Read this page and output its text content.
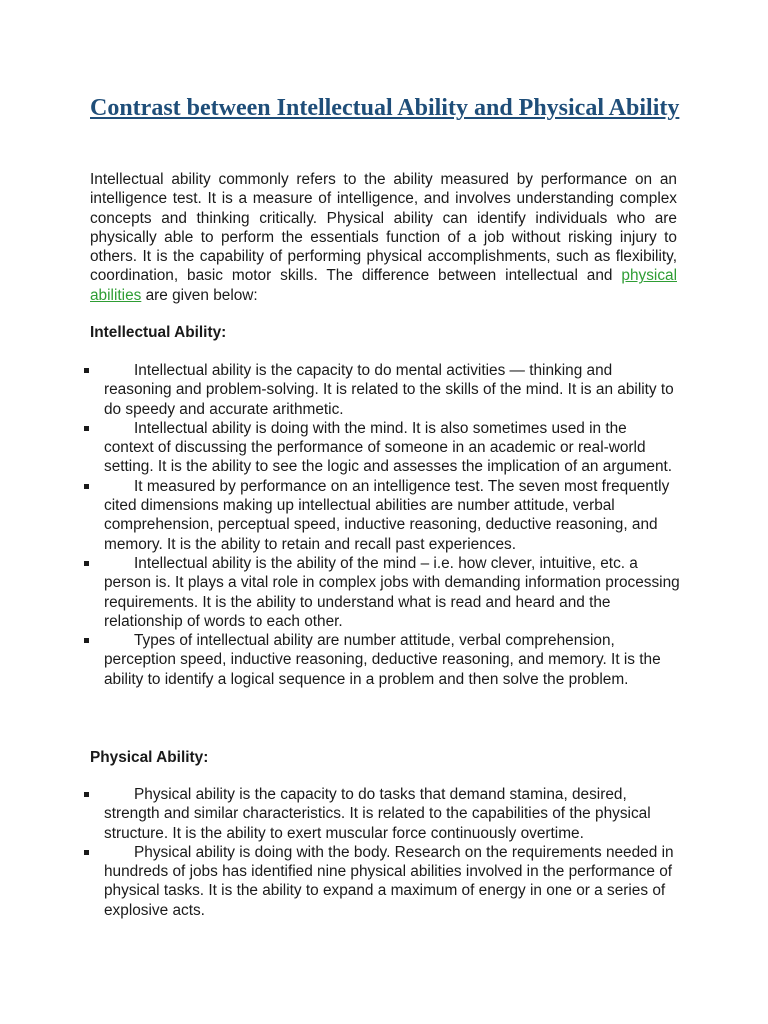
Contrast between Intellectual Ability and Physical Ability

Intellectual ability commonly refers to the ability measured by performance on an intelligence test. It is a measure of intelligence, and involves understanding complex concepts and thinking critically. Physical ability can identify individuals who are physically able to perform the essentials function of a job without risking injury to others. It is the capability of performing physical accomplishments, such as flexibility, coordination, basic motor skills. The difference between intellectual and physical abilities are given below:

Intellectual Ability:
Intellectual ability is the capacity to do mental activities — thinking and reasoning and problem-solving. It is related to the skills of the mind. It is an ability to do speedy and accurate arithmetic.
Intellectual ability is doing with the mind. It is also sometimes used in the context of discussing the performance of someone in an academic or real-world setting. It is the ability to see the logic and assesses the implication of an argument.
It measured by performance on an intelligence test. The seven most frequently cited dimensions making up intellectual abilities are number attitude, verbal comprehension, perceptual speed, inductive reasoning, deductive reasoning, and memory. It is the ability to retain and recall past experiences.
Intellectual ability is the ability of the mind – i.e. how clever, intuitive, etc. a person is. It plays a vital role in complex jobs with demanding information processing requirements. It is the ability to understand what is read and heard and the relationship of words to each other.
Types of intellectual ability are number attitude, verbal comprehension, perception speed, inductive reasoning, deductive reasoning, and memory. It is the ability to identify a logical sequence in a problem and then solve the problem.
Physical Ability:
Physical ability is the capacity to do tasks that demand stamina, desired, strength and similar characteristics. It is related to the capabilities of the physical structure. It is the ability to exert muscular force continuously overtime.
Physical ability is doing with the body. Research on the requirements needed in hundreds of jobs has identified nine physical abilities involved in the performance of physical tasks. It is the ability to expand a maximum of energy in one or a series of explosive acts.
